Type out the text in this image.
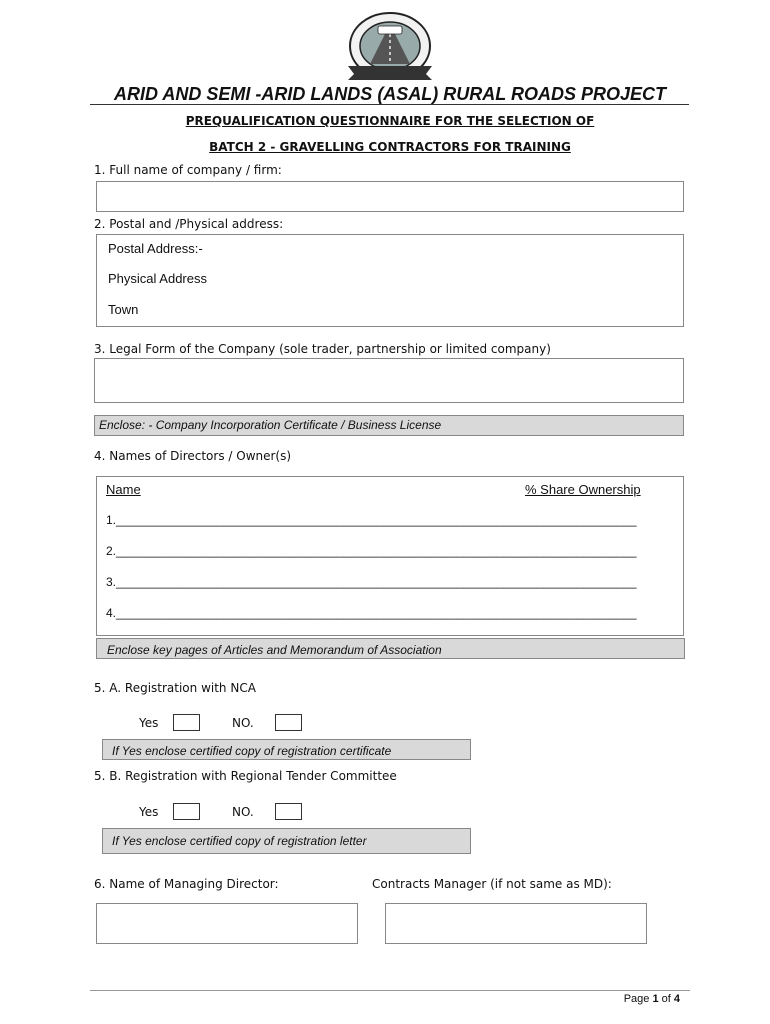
ARID AND SEMI -ARID LANDS (ASAL) RURAL ROADS PROJECT
PREQUALIFICATION QUESTIONNAIRE FOR THE SELECTION OF
BATCH 2 - GRAVELLING CONTRACTORS FOR TRAINING
1. Full name of company / firm:
2. Postal and /Physical address:
Postal Address:-
Physical Address
Town
3. Legal Form of the Company (sole trader, partnership or limited company)
Enclose: - Company Incorporation Certificate / Business License
4. Names of Directors / Owner(s)
Name	% Share Ownership
1.______________________________________________________________________________
2.______________________________________________________________________________
3.______________________________________________________________________________
4.______________________________________________________________________________
Enclose key pages of Articles and Memorandum of Association
5. A. Registration with NCA
Yes	NO.
If Yes enclose certified copy of registration certificate
5. B. Registration with Regional Tender Committee
Yes	NO.
If Yes enclose certified copy of registration letter
6. Name of Managing Director:	Contracts Manager (if not same as MD):
Page 1 of 4
